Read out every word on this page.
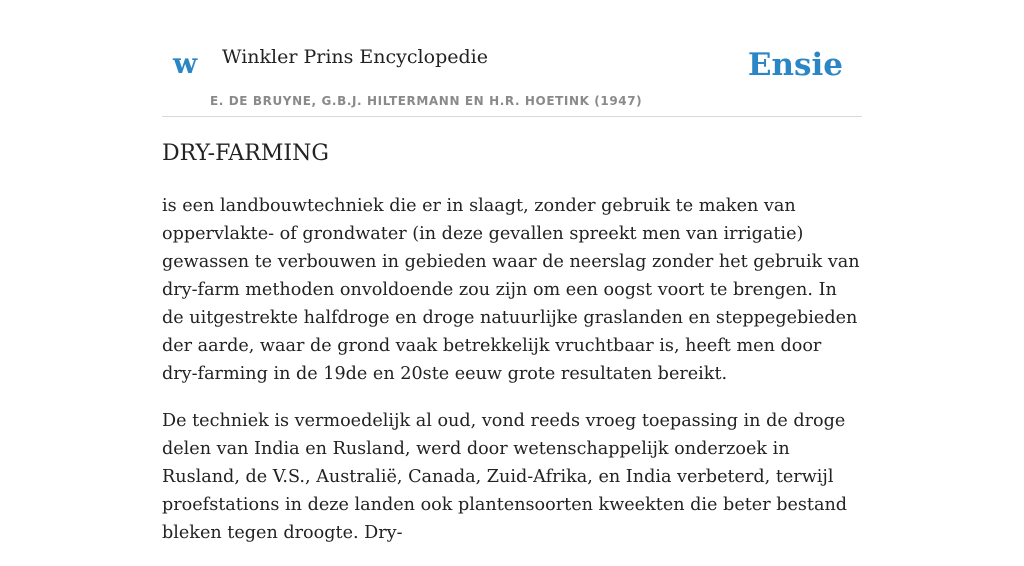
w Winkler Prins Encyclopedie
E. DE BRUYNE, G.B.J. HILTERMANN EN H.R. HOETINK (1947)
Ensie
DRY-FARMING

is een landbouwtechniek die er in slaagt, zonder gebruik te maken van oppervlakte- of grondwater (in deze gevallen spreekt men van irrigatie) gewassen te verbouwen in gebieden waar de neerslag zonder het gebruik van dry-farm methoden onvoldoende zou zijn om een oogst voort te brengen. In de uitgestrekte halfdroge en droge natuurlijke graslanden en steppegebieden der aarde, waar de grond vaak betrekkelijk vruchtbaar is, heeft men door dry-farming in de 19de en 20ste eeuw grote resultaten bereikt.

De techniek is vermoedelijk al oud, vond reeds vroeg toepassing in de droge delen van India en Rusland, werd door wetenschappelijk onderzoek in Rusland, de V.S., Australië, Canada, Zuid-Afrika, en India verbeterd, terwijl proefstations in deze landen ook plantensoorten kweekten die beter bestand bleken tegen droogte. Dry-
